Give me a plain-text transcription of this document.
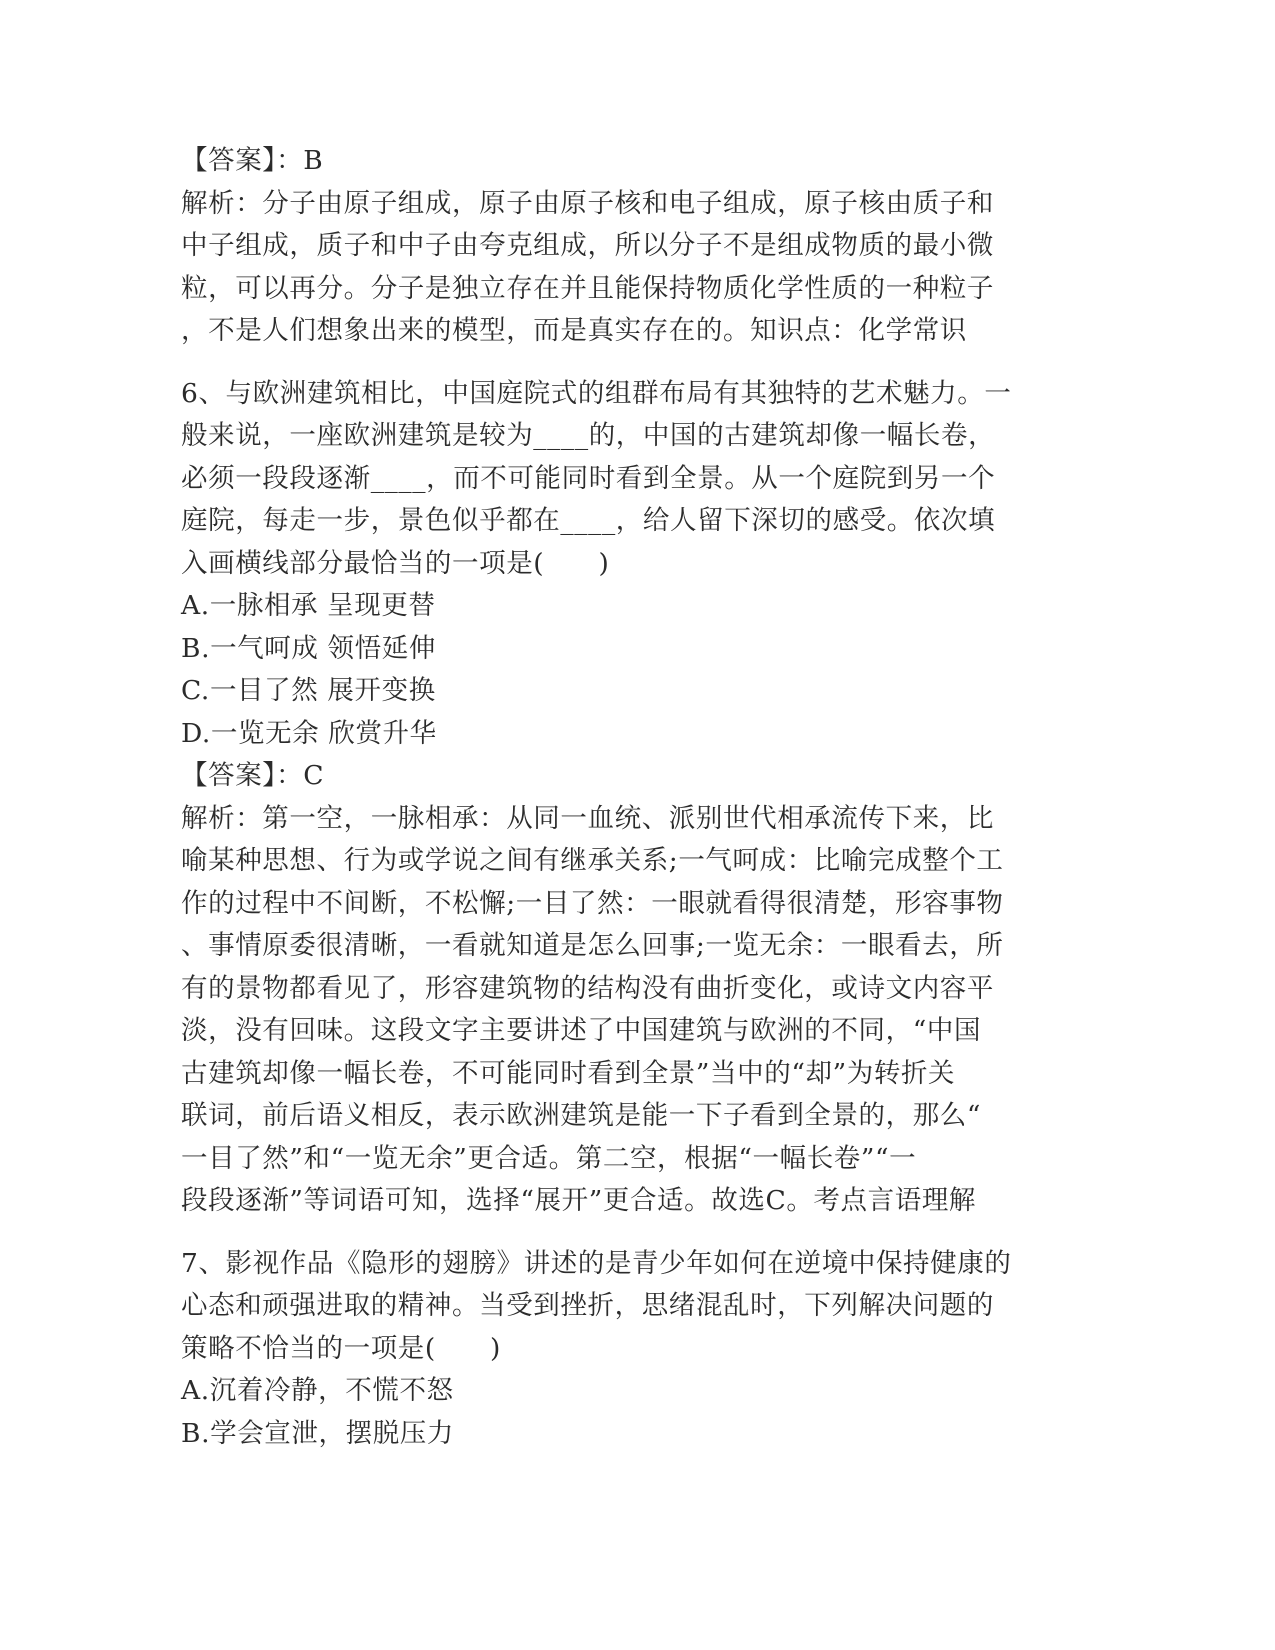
【答案】：B
解析：分子由原子组成，原子由原子核和电子组成，原子核由质子和
中子组成，质子和中子由夸克组成，所以分子不是组成物质的最小微
粒，可以再分。分子是独立存在并且能保持物质化学性质的一种粒子
，不是人们想象出来的模型，而是真实存在的。知识点：化学常识
6、与欧洲建筑相比，中国庭院式的组群布局有其独特的艺术魅力。一
般来说，一座欧洲建筑是较为____的，中国的古建筑却像一幅长卷，
必须一段段逐渐____，而不可能同时看到全景。从一个庭院到另一个
庭院，每走一步，景色似乎都在____，给人留下深切的感受。依次填
入画横线部分最恰当的一项是(　　)
A.一脉相承 呈现更替
B.一气呵成 领悟延伸
C.一目了然 展开变换
D.一览无余 欣赏升华
【答案】：C
解析：第一空，一脉相承：从同一血统、派别世代相承流传下来，比
喻某种思想、行为或学说之间有继承关系;一气呵成：比喻完成整个工
作的过程中不间断，不松懈;一目了然：一眼就看得很清楚，形容事物
、事情原委很清晰，一看就知道是怎么回事;一览无余：一眼看去，所
有的景物都看见了，形容建筑物的结构没有曲折变化，或诗文内容平
淡，没有回味。这段文字主要讲述了中国建筑与欧洲的不同，“中国
古建筑却像一幅长卷，不可能同时看到全景”当中的“却”为转折关
联词，前后语义相反，表示欧洲建筑是能一下子看到全景的，那么“
一目了然”和“一览无余”更合适。第二空，根据“一幅长卷”“一
段段逐渐”等词语可知，选择“展开”更合适。故选C。考点言语理解
7、影视作品《隐形的翅膀》讲述的是青少年如何在逆境中保持健康的
心态和顽强进取的精神。当受到挫折，思绪混乱时，下列解决问题的
策略不恰当的一项是(　　)
A.沉着冷静，不慌不怒
B.学会宣泄，摆脱压力
